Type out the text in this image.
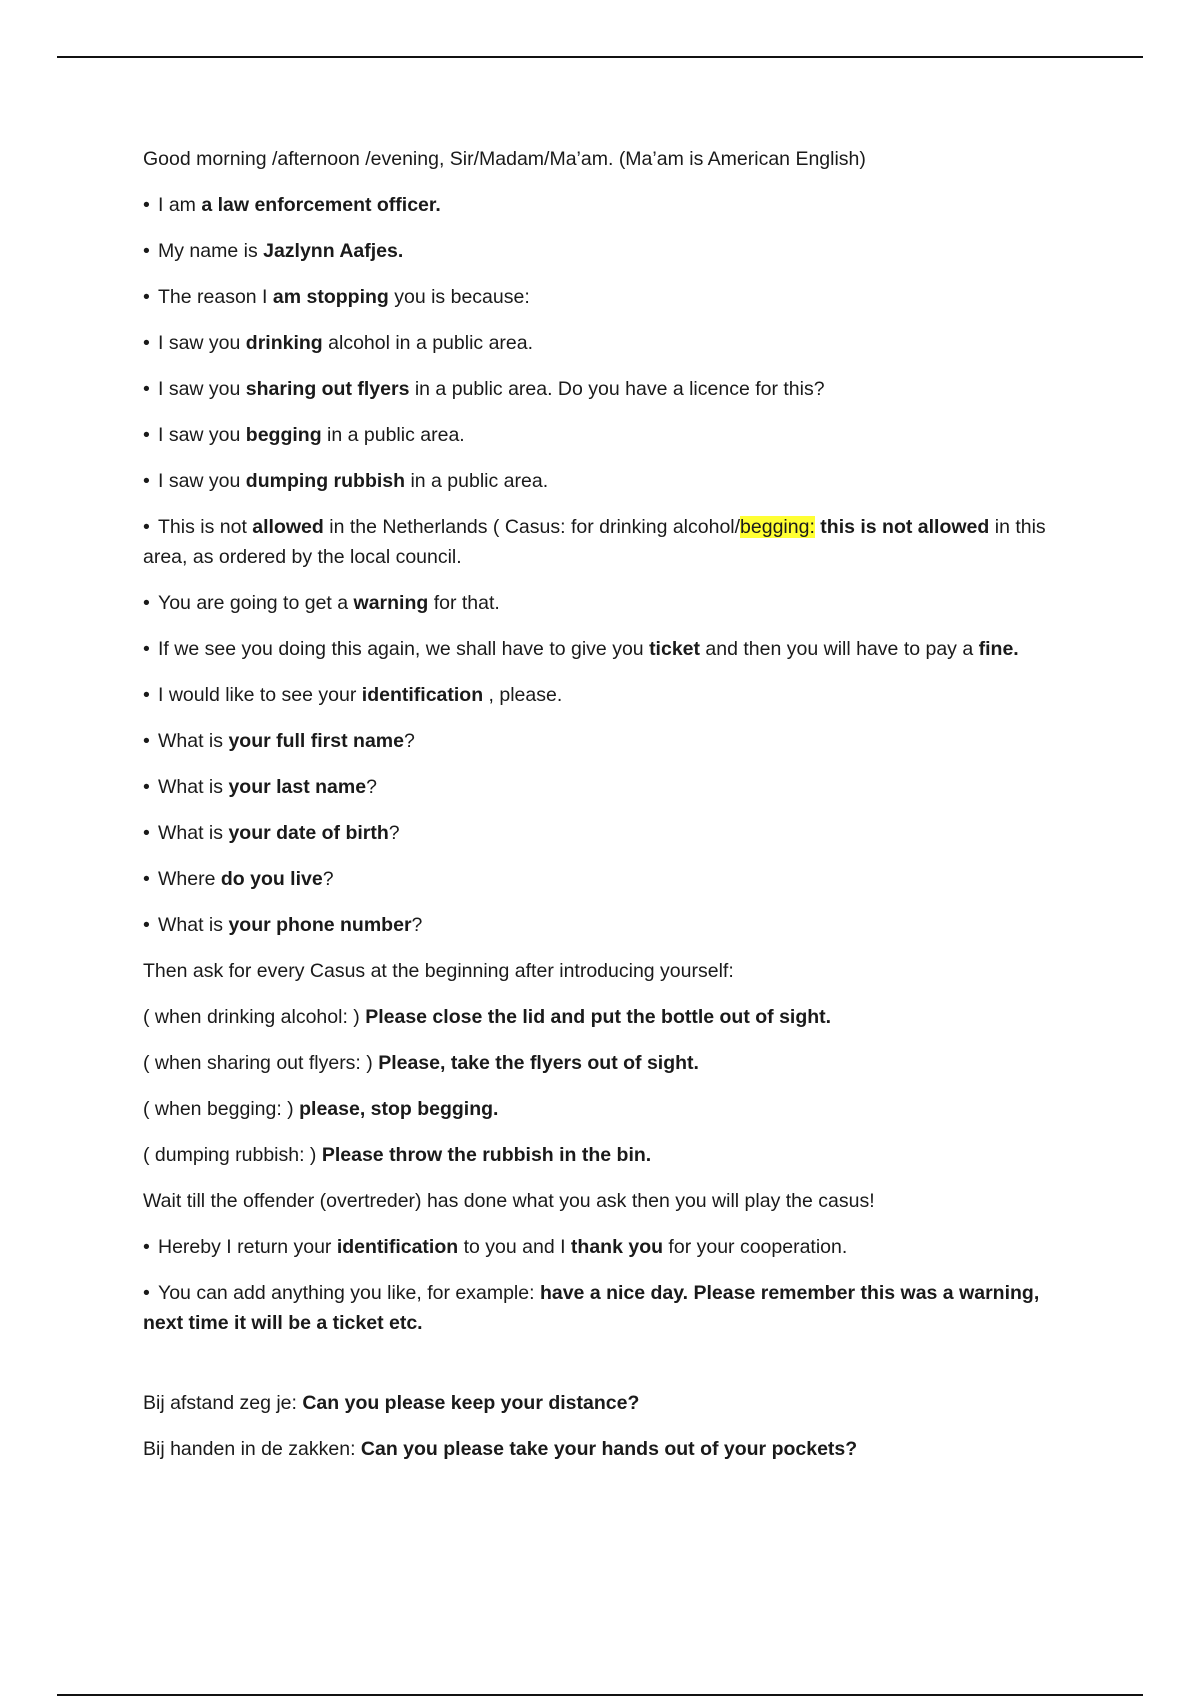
Good morning /afternoon /evening, Sir/Madam/Ma’am. (Ma’am is American English)

• I am a law enforcement officer.

• My name is Jazlynn Aafjes.

• The reason I am stopping you is because:

• I saw you drinking alcohol in a public area.

• I saw you sharing out flyers in a public area. Do you have a licence for this?

• I saw you begging in a public area.

• I saw you dumping rubbish in a public area.

• This is not allowed in the Netherlands ( Casus: for drinking alcohol/begging: this is not allowed in this area, as ordered by the local council.

• You are going to get a warning for that.

• If we see you doing this again, we shall have to give you ticket and then you will have to pay a fine.

• I would like to see your identification , please.

• What is your full first name?

• What is your last name?

• What is your date of birth?

• Where do you live?

• What is your phone number?

Then ask for every Casus at the beginning after introducing yourself:

( when drinking alcohol: ) Please close the lid and put the bottle out of sight.

( when sharing out flyers: ) Please, take the flyers out of sight.

( when begging: ) please, stop begging.

( dumping rubbish: ) Please throw the rubbish in the bin.

Wait till the offender (overtreder) has done what you ask then you will play the casus!

• Hereby I return your identification to you and I thank you for your cooperation.

• You can add anything you like, for example: have a nice day. Please remember this was a warning, next time it will be a ticket etc.

Bij afstand zeg je: Can you please keep your distance?

Bij handen in de zakken: Can you please take your hands out of your pockets?
